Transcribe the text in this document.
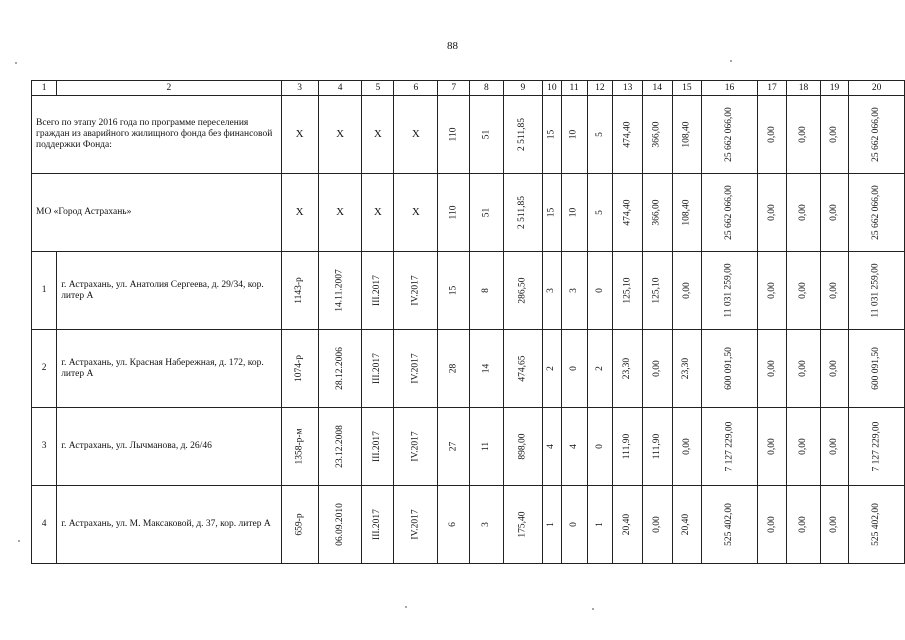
88
1	2	3	4	5	6	7	8	9	10	11	12	13	14	15	16	17	18	19	20
Всего по этапу 2016 года по программе переселения граждан из аварийного жилищного фонда без финансовой поддержки Фонда:		X	X	X	X	110	51	2 511,85	15	10	5	474,40	366,00	108,40	25 662 066,00	0,00	0,00	0,00	25 662 066,00
МО «Город Астрахань»		X	X	X	X	110	51	2 511,85	15	10	5	474,40	366,00	108,40	25 662 066,00	0,00	0,00	0,00	25 662 066,00
1	г. Астрахань, ул. Анатолия Сергеева, д. 29/34, кор. литер А	1143-р	14.11.2007	III.2017	IV.2017	15	8	286,50	3	3	0	125,10	125,10	0,00	11 031 259,00	0,00	0,00	0,00	11 031 259,00
2	г. Астрахань, ул. Красная Набережная, д. 172, кор. литер А	1074-р	28.12.2006	III.2017	IV.2017	28	14	474,65	2	0	2	23,30	0,00	23,30	600 091,50	0,00	0,00	0,00	600 091,50
3	г. Астрахань, ул. Лычманова, д. 26/46	1358-р-м	23.12.2008	III.2017	IV.2017	27	11	898,00	4	4	0	111,90	111,90	0,00	7 127 229,00	0,00	0,00	0,00	7 127 229,00
4	г. Астрахань, ул. М. Максаковой, д. 37, кор. литер А	659-р	06.09.2010	III.2017	IV.2017	6	3	175,40	1	0	1	20,40	0,00	20,40	525 402,00	0,00	0,00	0,00	525 402,00
